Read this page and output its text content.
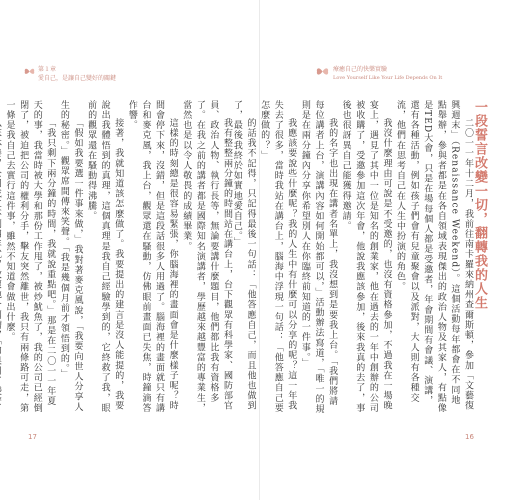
第１章
愛自己，是讓自己變好的關鍵

我有整整兩分鐘的時間站在講台上，台下觀眾有科學家、國防部官員、政治人物、執行長等，無論要講什麼題目，他們都比我有資格多了。在我之前的講者都是國際知名演講者，學歷越來越豐富的專業生，當然也是以令人敬畏的成績畢業。

這樣的時刻總是很容易緊張，你腦海裡的畫面會是什麼樣子呢？時間會停下來，沒錯，但是這段話很多人用過了。腦海裡的畫面就只有講台和麥克風，我上台，觀眾還在騷動，仿佛眼前畫面已失焦，時鐘滴答作響。

接著，我就知道該怎麼做了。我要提出的建言是沒人能提的，我要說出我體悟到的真理，這個真理是我自己經驗學到的，它終救了我，眼前的觀眾還在騷動得沸騰。

「假如我要選一件事來做，」我對著麥克風說，「我要向世人分享人生的秘密。」觀眾席間傳來笑聲。「我是幾個月前才領悟到的。」

「我只剩下兩分鐘的時間，我就說重點吧。」那是在二〇一一年夏天的事，我當時被大學和那份工作甩了，被炒魷魚了，我的公司已經倒閉了，被迫把公司的權利分手，擊友突然離世，我只有兩條路可走，第一條是我自己去實行這件事，雖然不知道會做出什麼。

17
療癒自己的快樂實驗
Love Yourself Like Your Life Depends On It

二〇一一年十二月，我前往南卡羅來納州查爾斯頓，參加「文藝復興週末」（Renaissance Weekend）。這個活動每年都會在不同地點舉辦，參與者都是在各自領域表現傑出的政治人物及其家人，有點像是TED大會，只是在場每個人都是受邀者，年會期間有會議、演講，還有各種活動，例如孩子們會有兒童聚會以及派對，大人則有各種交流，他們在思考自己在人生中扮演的角色。

我沒什麼理由可說是不受邀的，也沒有資格參加，不過我在一場晚宴上，遇見了其中一位是知名的創業家，他在過去的一年中創辦的公司被收購了，受邀參加這次年會，他說我應該參加，後來我真的去了，事後也很訝異自己能獲得邀請。

我的名字也出現在講者名單上，我沒想到是要我上台。「我們將請每位講者上台，演講內容如何開始都可以，」活動辦法寫道，「唯一的規則是在兩分鐘內分享你希望別人在你臨終前知道的一件事。」

我應該要說些什麼呢？我的人生中有什麼可以分享的呢？這一年我失去了很多，當時我站在講台上，腦海中浮現一句話：「他答應自己要怎麼做的？」

的話我不記得，只記得最後一句話：「他答應自己，而且他也做到了，最後我終於如實地愛自己。」	一段誓言改變一切，翻轉我的人生
16
